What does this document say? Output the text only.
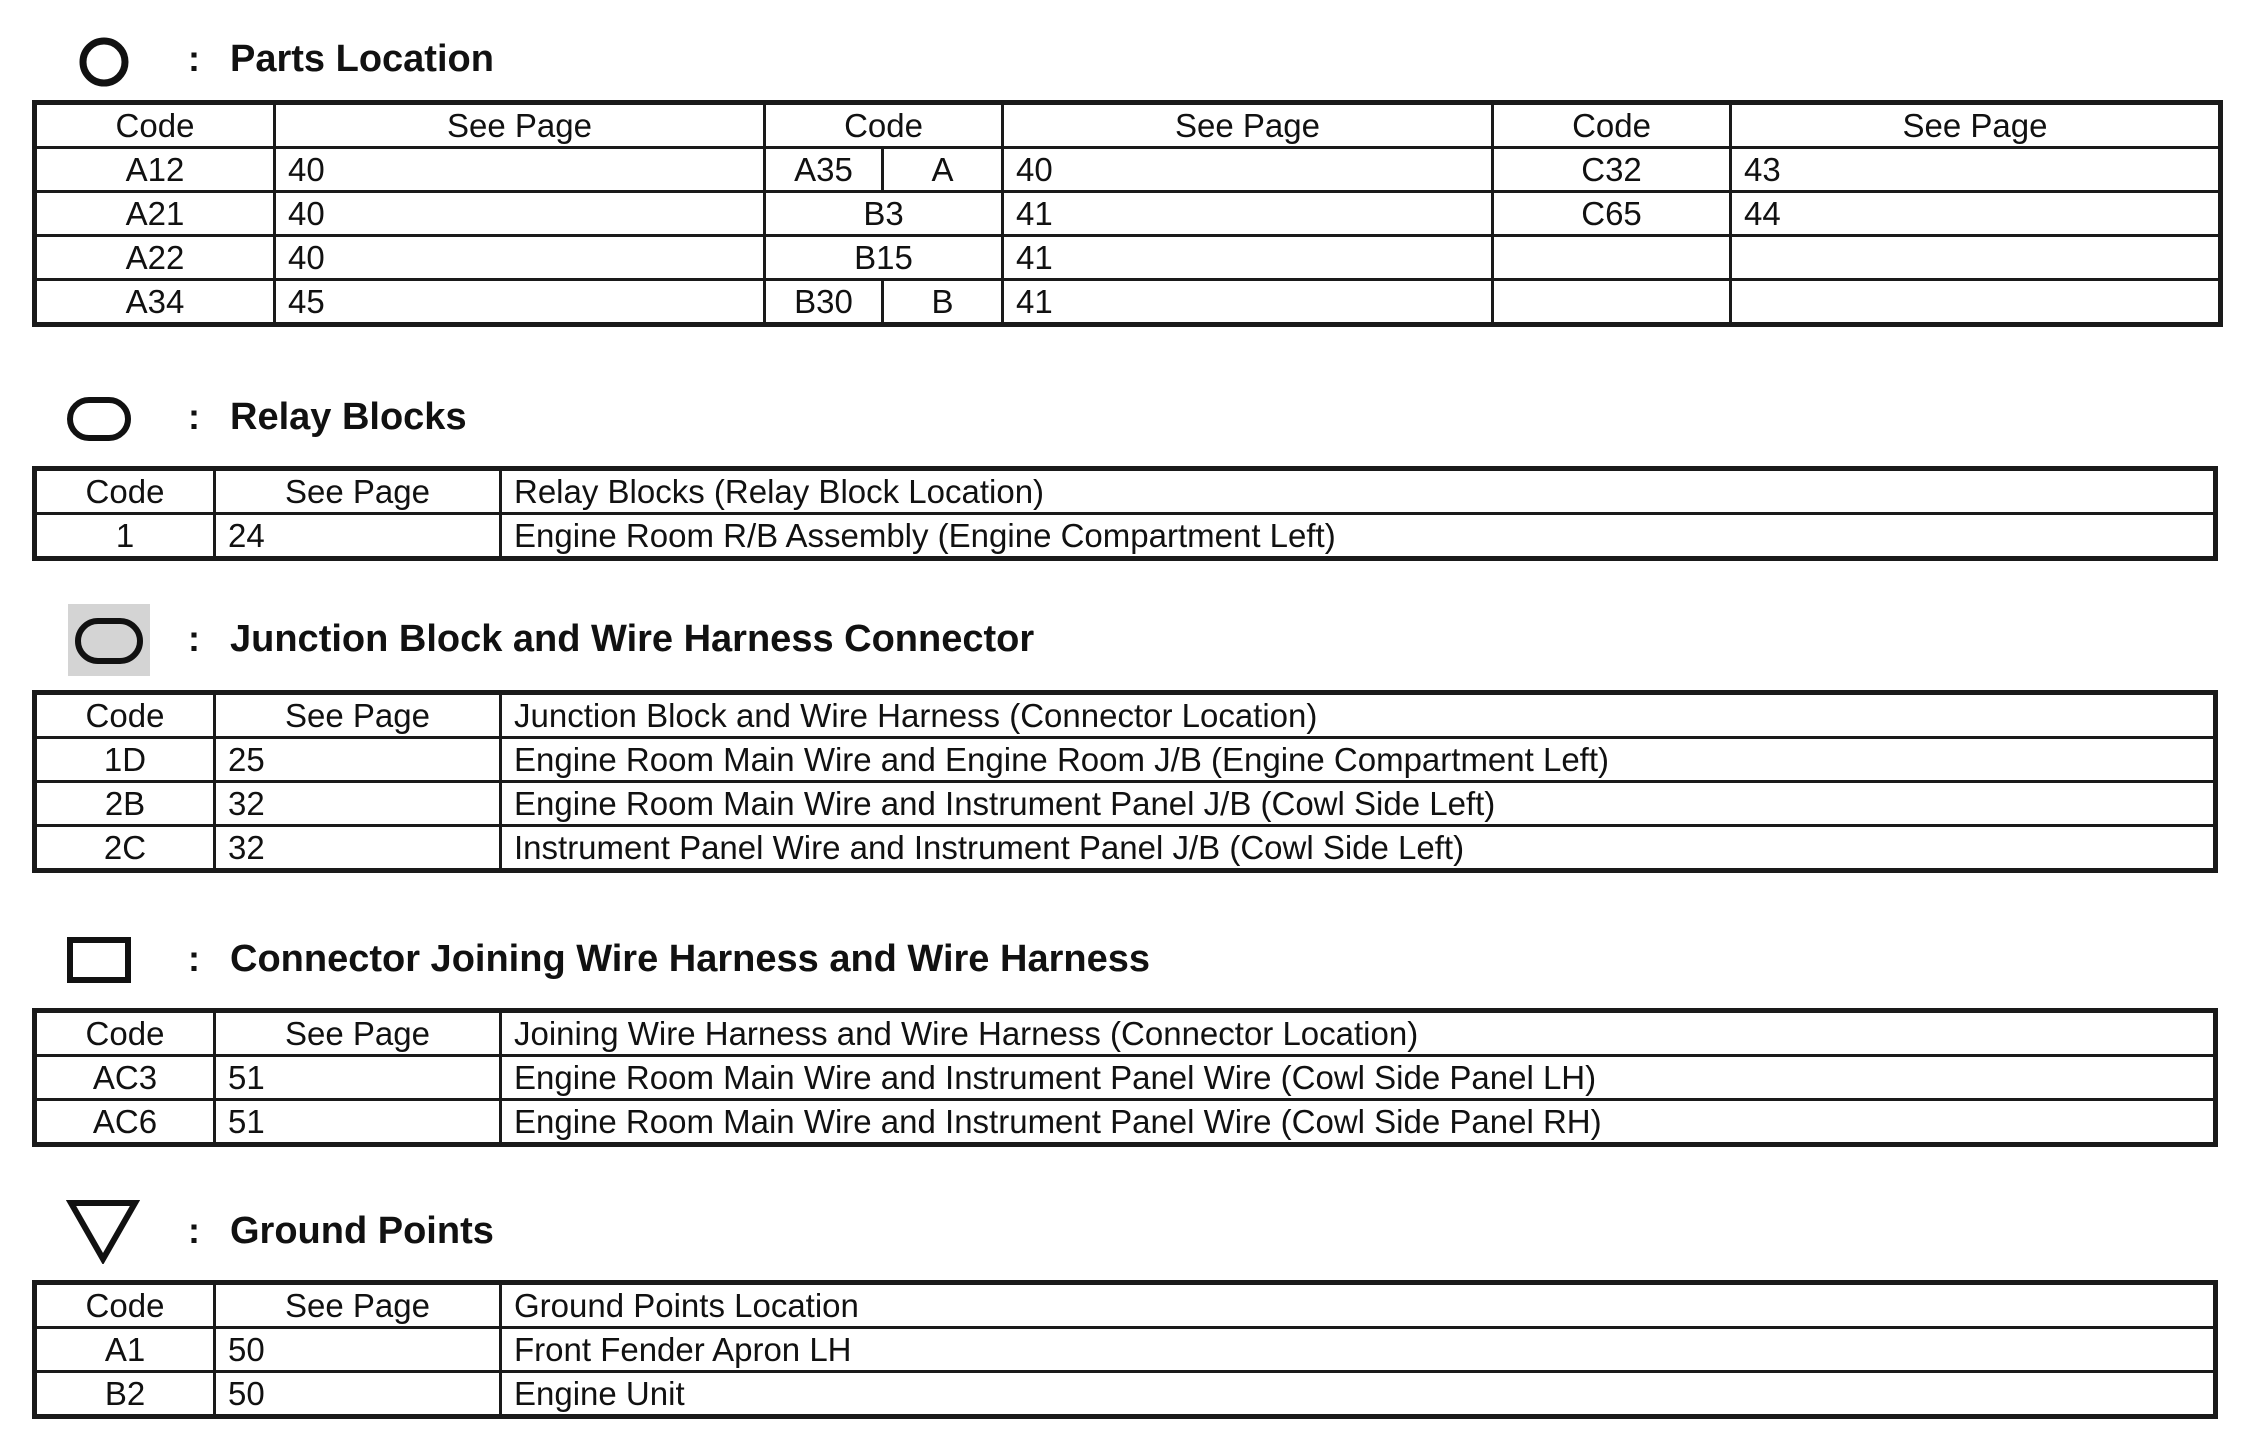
: Parts Location
Code	See Page	Code		See Page	Code	See Page
A12	40	A35	A	40	C32	43
A21	40	B3		41	C65	44
A22	40	B15		41		
A34	45	B30	B	41		
: Relay Blocks
Code	See Page	Relay Blocks (Relay Block Location)
1	24	Engine Room R/B Assembly (Engine Compartment Left)
: Junction Block and Wire Harness Connector
Code	See Page	Junction Block and Wire Harness (Connector Location)
1D	25	Engine Room Main Wire and Engine Room J/B (Engine Compartment Left)
2B	32	Engine Room Main Wire and Instrument Panel J/B (Cowl Side Left)
2C	32	Instrument Panel Wire and Instrument Panel J/B (Cowl Side Left)
: Connector Joining Wire Harness and Wire Harness
Code	See Page	Joining Wire Harness and Wire Harness (Connector Location)
AC3	51	Engine Room Main Wire and Instrument Panel Wire (Cowl Side Panel LH)
AC6	51	Engine Room Main Wire and Instrument Panel Wire (Cowl Side Panel RH)
: Ground Points
Code	See Page	Ground Points Location
A1	50	Front Fender Apron LH
B2	50	Engine Unit
